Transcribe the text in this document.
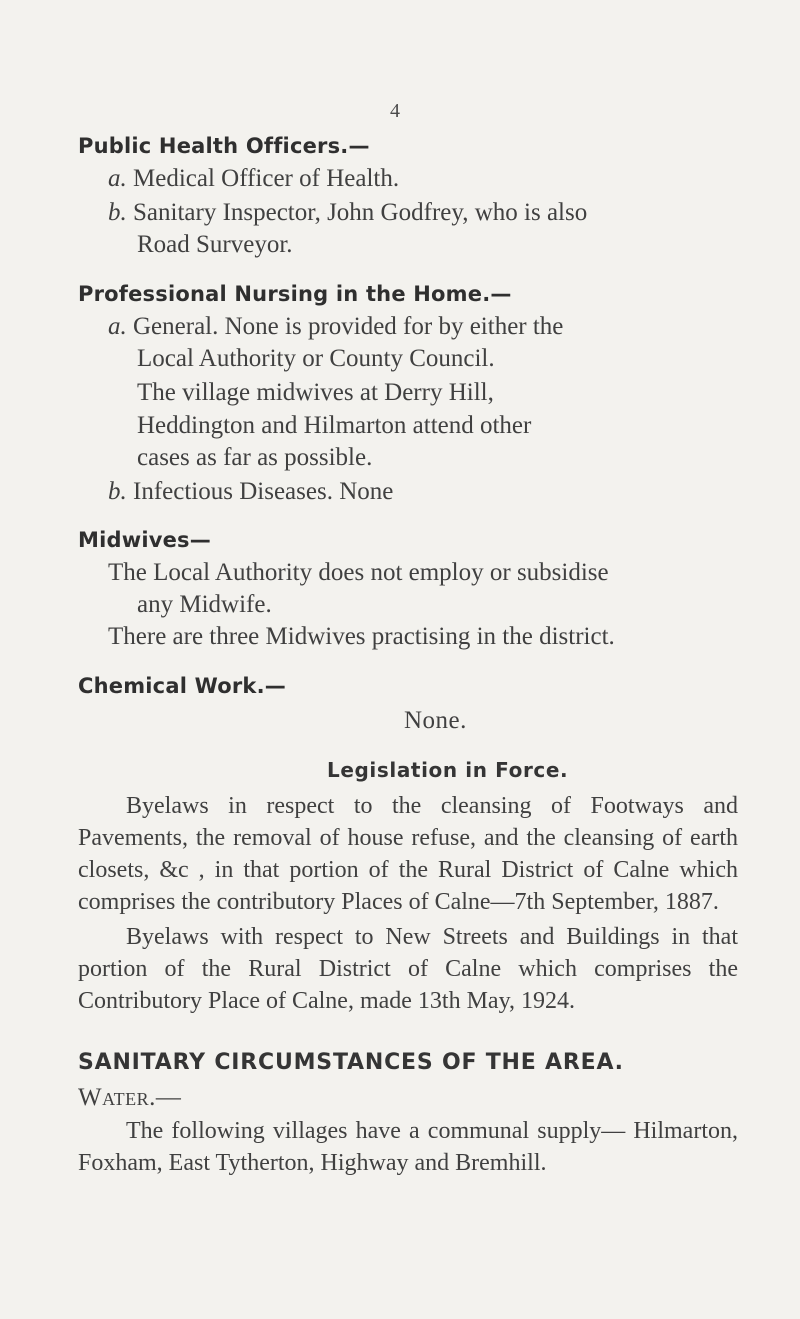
4
Public Health Officers.—
a. Medical Officer of Health.
b. Sanitary Inspector, John Godfrey, who is also
Road Surveyor.
Professional Nursing in the Home.—
a. General. None is provided for by either the
Local Authority or County Council.
The village midwives at Derry Hill,
Heddington and Hilmarton attend other
cases as far as possible.
b. Infectious Diseases. None
Midwives—
The Local Authority does not employ or subsidise
any Midwife.
There are three Midwives practising in the district.
Chemical Work.—
None.
Legislation in Force.
Byelaws in respect to the cleansing of Footways and Pavements, the removal of house refuse, and the cleansing of earth closets, &c , in that portion of the Rural District of Calne which comprises the contributory Places of Calne—7th September, 1887.
Byelaws with respect to New Streets and Buildings in that portion of the Rural District of Calne which comprises the Contributory Place of Calne, made 13th May, 1924.
SANITARY CIRCUMSTANCES OF THE AREA.
Water.—
The following villages have a communal supply— Hilmarton, Foxham, East Tytherton, Highway and Bremhill.
